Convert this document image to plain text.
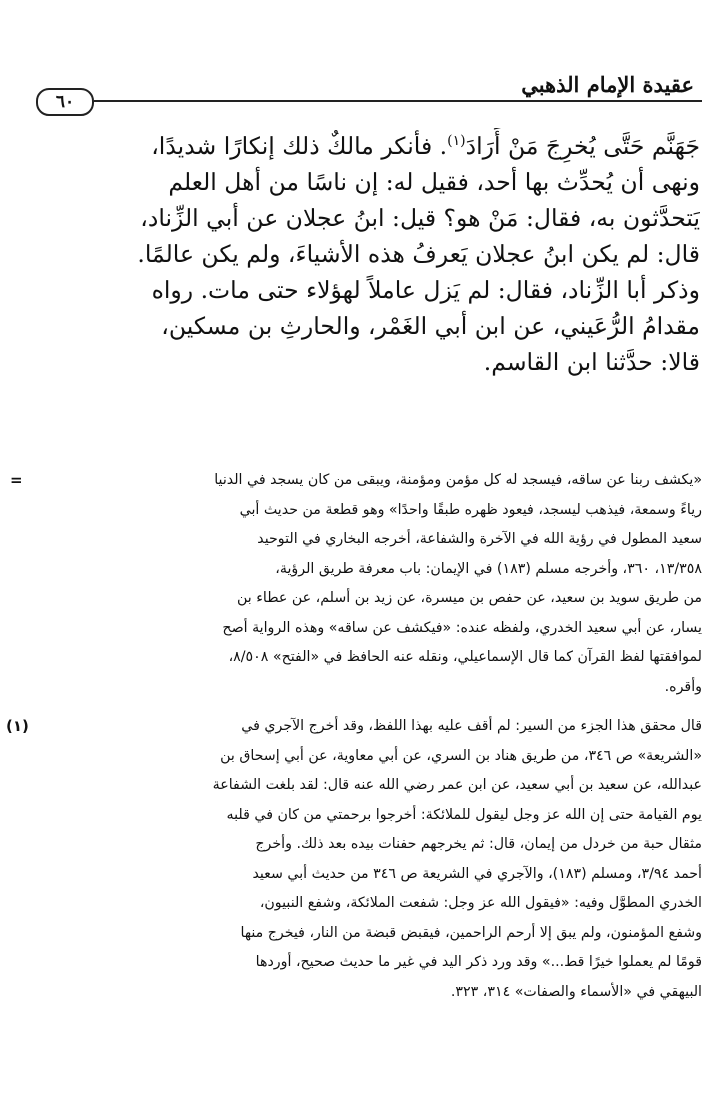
عقيدة الإمام الذهبي
٦٠
جَهَنَّم حَتَّى يُخرِجَ مَنْ أَرَادَ$^{(١)}$. فأنكر مالكٌ ذلك إنكارًا شديدًا،
ونهى أن يُحدِّث بها أحد، فقيل له: إن ناسًا من أهل العلم
يَتحدَّثون به، فقال: مَنْ هو؟ قيل: ابنُ عجلان عن أبي الزِّناد،
قال: لم يكن ابنُ عجلان يَعرفُ هذه الأشياءَ، ولم يكن عالمًا.
وذكر أبا الزِّناد، فقال: لم يَزل عاملاً لهؤلاء حتى مات. رواه
مقدامُ الرُّعَيني، عن ابن أبي الغَمْر، والحارثِ بن مسكين،
قالا: حدَّثنا ابن القاسم.
=	«يكشف ربنا عن ساقه، فيسجد له كل مؤمن ومؤمنة، ويبقى من كان يسجد في الدنيا
رياءً وسمعة، فيذهب ليسجد، فيعود ظهره طبقًا واحدًا» وهو قطعة من حديث أبي
سعيد المطول في رؤية الله في الآخرة والشفاعة، أخرجه البخاري في التوحيد
١٣/٣٥٨، ٣٦٠، وأخرجه مسلم (١٨٣) في الإيمان: باب معرفة طريق الرؤية،
من طريق سويد بن سعيد، عن حفص بن ميسرة، عن زيد بن أسلم، عن عطاء بن
يسار، عن أبي سعيد الخدري، ولفظه عنده: «فيكشف عن ساقه» وهذه الرواية أصح
لموافقتها لفظ القرآن كما قال الإسماعيلي، ونقله عنه الحافظ في «الفتح» ٨/٥٠٨،
وأقره.
(١)	قال محقق هذا الجزء من السير: لم أقف عليه بهذا اللفظ، وقد أخرج الآجري في
«الشريعة» ص ٣٤٦، من طريق هناد بن السري، عن أبي معاوية، عن أبي إسحاق بن
عبدالله، عن سعيد بن أبي سعيد، عن ابن عمر رضي الله عنه قال: لقد بلغت الشفاعة
يوم القيامة حتى إن الله عز وجل ليقول للملائكة: أخرجوا برحمتي من كان في قلبه
مثقال حبة من خردل من إيمان، قال: ثم يخرجهم حفنات بيده بعد ذلك. وأخرج
أحمد ٣/٩٤، ومسلم (١٨٣)، والآجري في الشريعة ص ٣٤٦ من حديث أبي سعيد
الخدري المطوَّل وفيه: «فيقول الله عز وجل: شفعت الملائكة، وشفع النبيون،
وشفع المؤمنون، ولم يبق إلا أرحم الراحمين، فيقبض قبضة من النار، فيخرج منها
قومًا لم يعملوا خيرًا قط...» وقد ورد ذكر اليد في غير ما حديث صحيح، أوردها
البيهقي في «الأسماء والصفات» ٣١٤، ٣٢٣.
